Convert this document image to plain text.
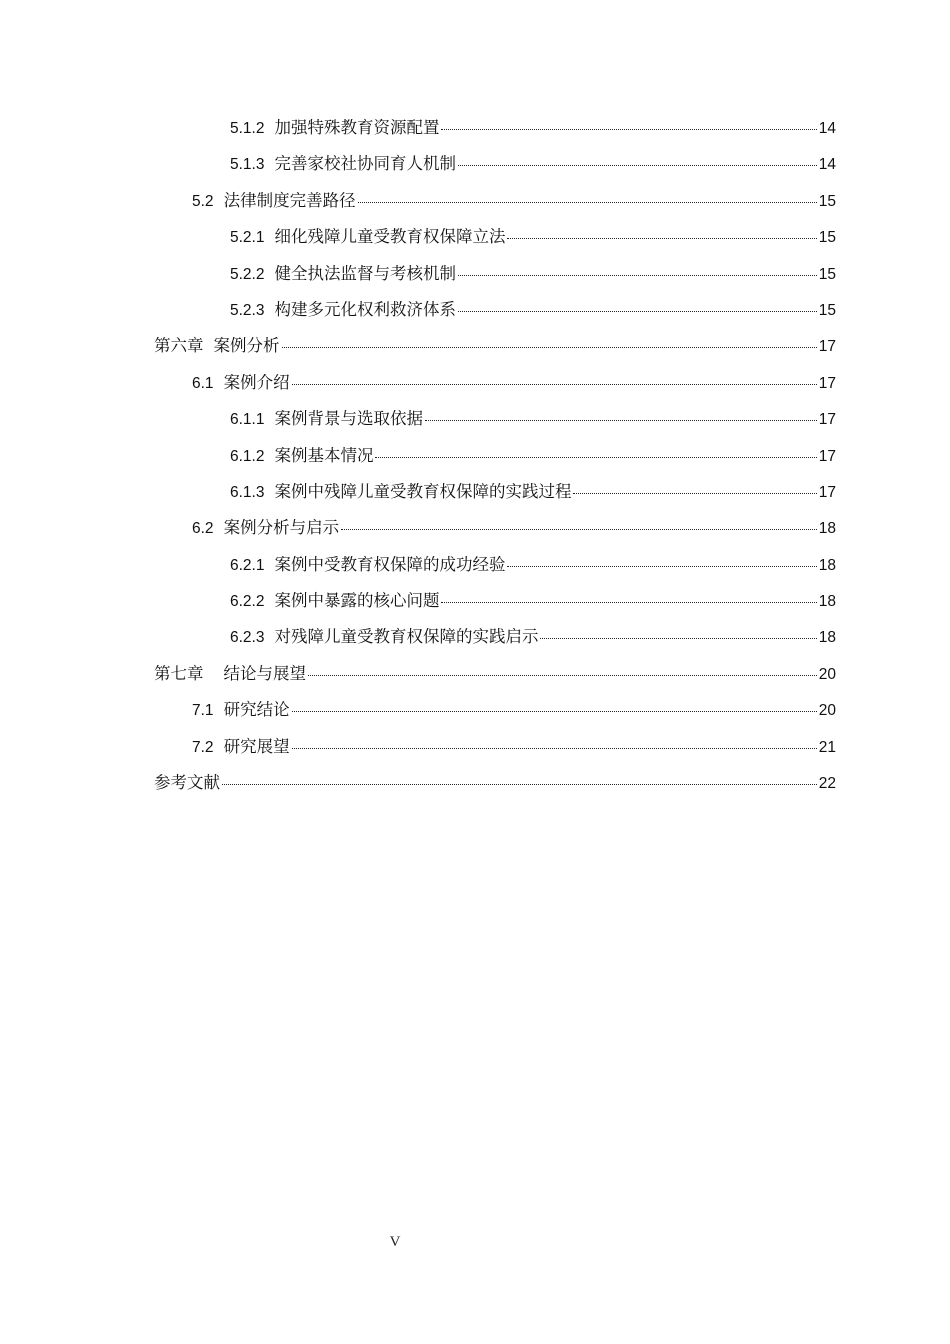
5.1.2 加强特殊教育资源配置	14
5.1.3 完善家校社协同育人机制	14
5.2 法律制度完善路径	15
5.2.1 细化残障儿童受教育权保障立法	15
5.2.2 健全执法监督与考核机制	15
5.2.3 构建多元化权利救济体系	15
第六章 案例分析	17
6.1 案例介绍	17
6.1.1 案例背景与选取依据	17
6.1.2 案例基本情况	17
6.1.3 案例中残障儿童受教育权保障的实践过程	17
6.2 案例分析与启示	18
6.2.1 案例中受教育权保障的成功经验	18
6.2.2 案例中暴露的核心问题	18
6.2.3 对残障儿童受教育权保障的实践启示	18
第七章 结论与展望	20
7.1 研究结论	20
7.2 研究展望	21
参考文献	22
V
